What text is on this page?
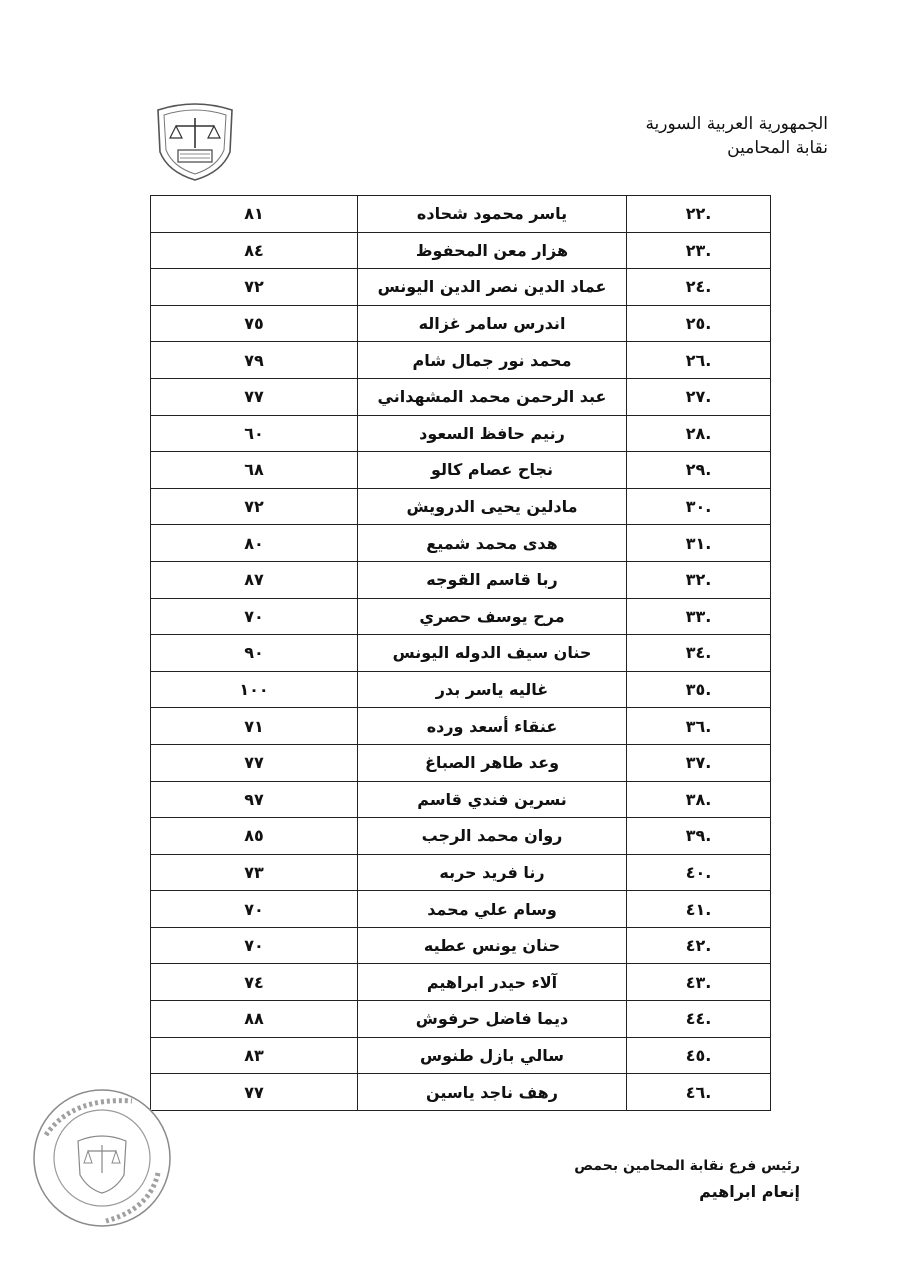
الجمهورية العربية السورية
نقابة المحامين
٨١	ياسر محمود شحاده	.٢٢
٨٤	هزار معن المحفوظ	.٢٣
٧٢	عماد الدين نصر الدين اليونس	.٢٤
٧٥	اندرس سامر غزاله	.٢٥
٧٩	محمد نور جمال شام	.٢٦
٧٧	عبد الرحمن محمد المشهداني	.٢٧
٦٠	رنيم حافظ السعود	.٢٨
٦٨	نجاح عصام كالو	.٢٩
٧٢	مادلين يحيى الدرويش	.٣٠
٨٠	هدى محمد شميع	.٣١
٨٧	ربا قاسم القوجه	.٣٢
٧٠	مرح يوسف حصري	.٣٣
٩٠	حنان سيف الدوله اليونس	.٣٤
١٠٠	غاليه ياسر بدر	.٣٥
٧١	عنقاء أسعد ورده	.٣٦
٧٧	وعد طاهر الصباغ	.٣٧
٩٧	نسرين فندي قاسم	.٣٨
٨٥	روان محمد الرجب	.٣٩
٧٣	رنا فريد حربه	.٤٠
٧٠	وسام علي محمد	.٤١
٧٠	حنان يونس عطيه	.٤٢
٧٤	آلاء حيدر ابراهيم	.٤٣
٨٨	ديما فاضل حرفوش	.٤٤
٨٣	سالي بازل طنوس	.٤٥
٧٧	رهف ناجد ياسين	.٤٦
رئيس فرع نقابة المحامين بحمص
إنعام ابراهيم
